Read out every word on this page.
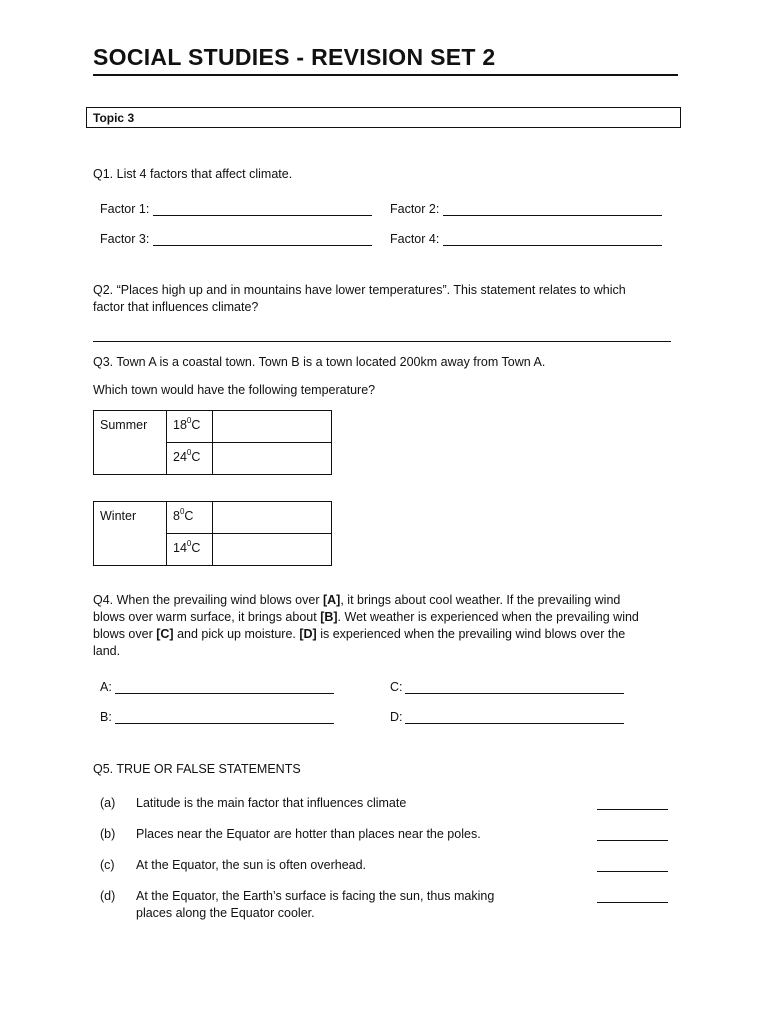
SOCIAL STUDIES - REVISION SET 2
Topic 3
Q1. List 4 factors that affect climate.
Factor 1:	Factor 2:
Factor 3:	Factor 4:
Q2. “Places high up and in mountains have lower temperatures”. This statement relates to which
factor that influences climate?
Q3. Town A is a coastal town. Town B is a town located 200km away from Town A.
Which town would have the following temperature?
Summer	$18^0C$	
	$24^0C$	
Winter	$8^0C$	
	$14^0C$	
Q4. When the prevailing wind blows over [A], it brings about cool weather. If the prevailing wind
blows over warm surface, it brings about [B]. Wet weather is experienced when the prevailing wind
blows over [C] and pick up moisture. [D] is experienced when the prevailing wind blows over the
land.
A:	C:
B:	D:
Q5. TRUE OR FALSE STATEMENTS
(a) Latitude is the main factor that influences climate
(b) Places near the Equator are hotter than places near the poles.
(c) At the Equator, the sun is often overhead.
(d) At the Equator, the Earth’s surface is facing the sun, thus making
places along the Equator cooler.
